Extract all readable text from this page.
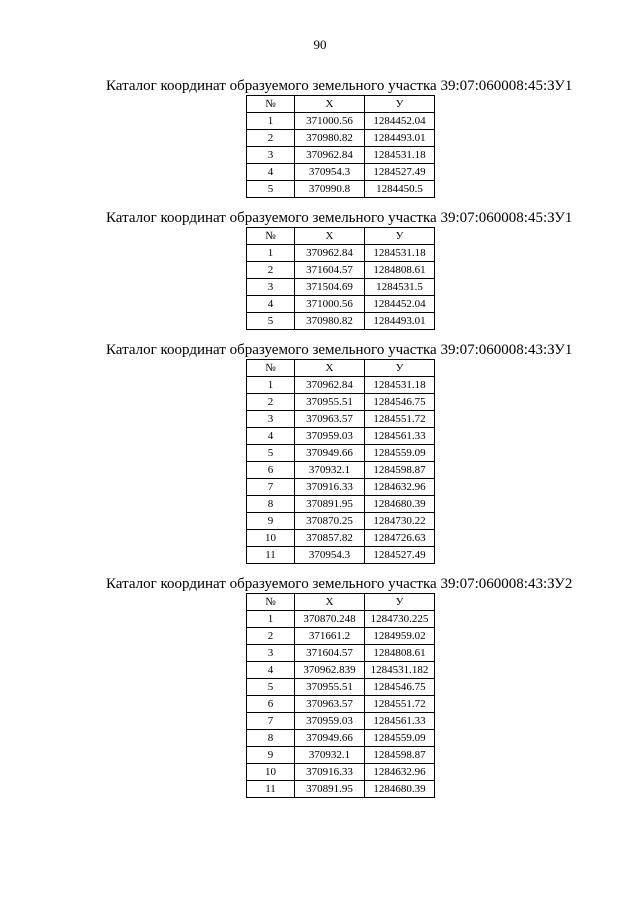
90
Каталог координат образуемого земельного участка 39:07:060008:45:ЗУ1
№	Х	У
1	371000.56	1284452.04
2	370980.82	1284493.01
3	370962.84	1284531.18
4	370954.3	1284527.49
5	370990.8	1284450.5
Каталог координат образуемого земельного участка 39:07:060008:45:ЗУ1
№	Х	У
1	370962.84	1284531.18
2	371604.57	1284808.61
3	371504.69	1284531.5
4	371000.56	1284452.04
5	370980.82	1284493.01
Каталог координат образуемого земельного участка 39:07:060008:43:ЗУ1
№	Х	У
1	370962.84	1284531.18
2	370955.51	1284546.75
3	370963.57	1284551.72
4	370959.03	1284561.33
5	370949.66	1284559.09
6	370932.1	1284598.87
7	370916.33	1284632.96
8	370891.95	1284680.39
9	370870.25	1284730.22
10	370857.82	1284726.63
11	370954.3	1284527.49
Каталог координат образуемого земельного участка 39:07:060008:43:ЗУ2
№	Х	У
1	370870.248	1284730.225
2	371661.2	1284959.02
3	371604.57	1284808.61
4	370962.839	1284531.182
5	370955.51	1284546.75
6	370963.57	1284551.72
7	370959.03	1284561.33
8	370949.66	1284559.09
9	370932.1	1284598.87
10	370916.33	1284632.96
11	370891.95	1284680.39
